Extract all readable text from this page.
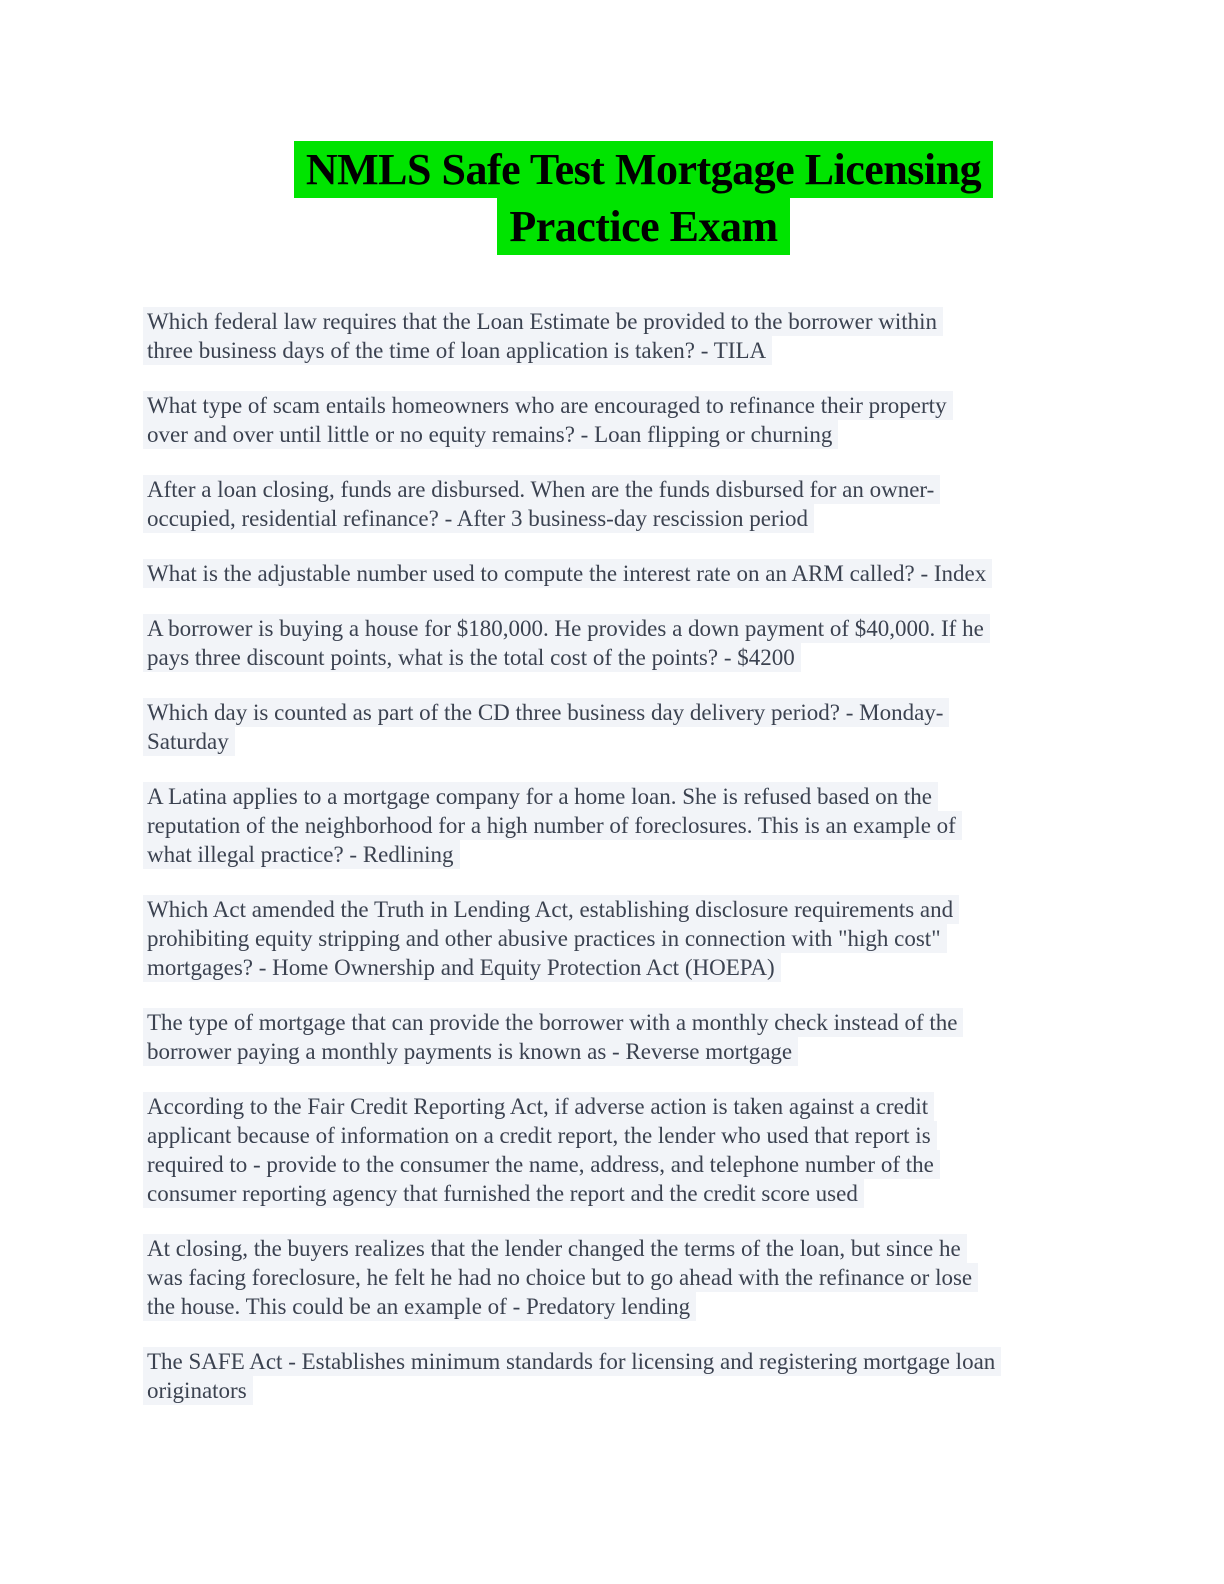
NMLS Safe Test Mortgage Licensing
Practice Exam

Which federal law requires that the Loan Estimate be provided to the borrower within
three business days of the time of loan application is taken? - TILA

What type of scam entails homeowners who are encouraged to refinance their property
over and over until little or no equity remains? - Loan flipping or churning

After a loan closing, funds are disbursed. When are the funds disbursed for an owner-
occupied, residential refinance? - After 3 business-day rescission period

What is the adjustable number used to compute the interest rate on an ARM called? - Index

A borrower is buying a house for $180,000. He provides a down payment of $40,000. If he
pays three discount points, what is the total cost of the points? - $4200

Which day is counted as part of the CD three business day delivery period? - Monday-
Saturday

A Latina applies to a mortgage company for a home loan. She is refused based on the
reputation of the neighborhood for a high number of foreclosures. This is an example of
what illegal practice? - Redlining

Which Act amended the Truth in Lending Act, establishing disclosure requirements and
prohibiting equity stripping and other abusive practices in connection with "high cost"
mortgages? - Home Ownership and Equity Protection Act (HOEPA)

The type of mortgage that can provide the borrower with a monthly check instead of the
borrower paying a monthly payments is known as - Reverse mortgage

According to the Fair Credit Reporting Act, if adverse action is taken against a credit
applicant because of information on a credit report, the lender who used that report is
required to - provide to the consumer the name, address, and telephone number of the
consumer reporting agency that furnished the report and the credit score used

At closing, the buyers realizes that the lender changed the terms of the loan, but since he
was facing foreclosure, he felt he had no choice but to go ahead with the refinance or lose
the house. This could be an example of - Predatory lending

The SAFE Act - Establishes minimum standards for licensing and registering mortgage loan
originators
